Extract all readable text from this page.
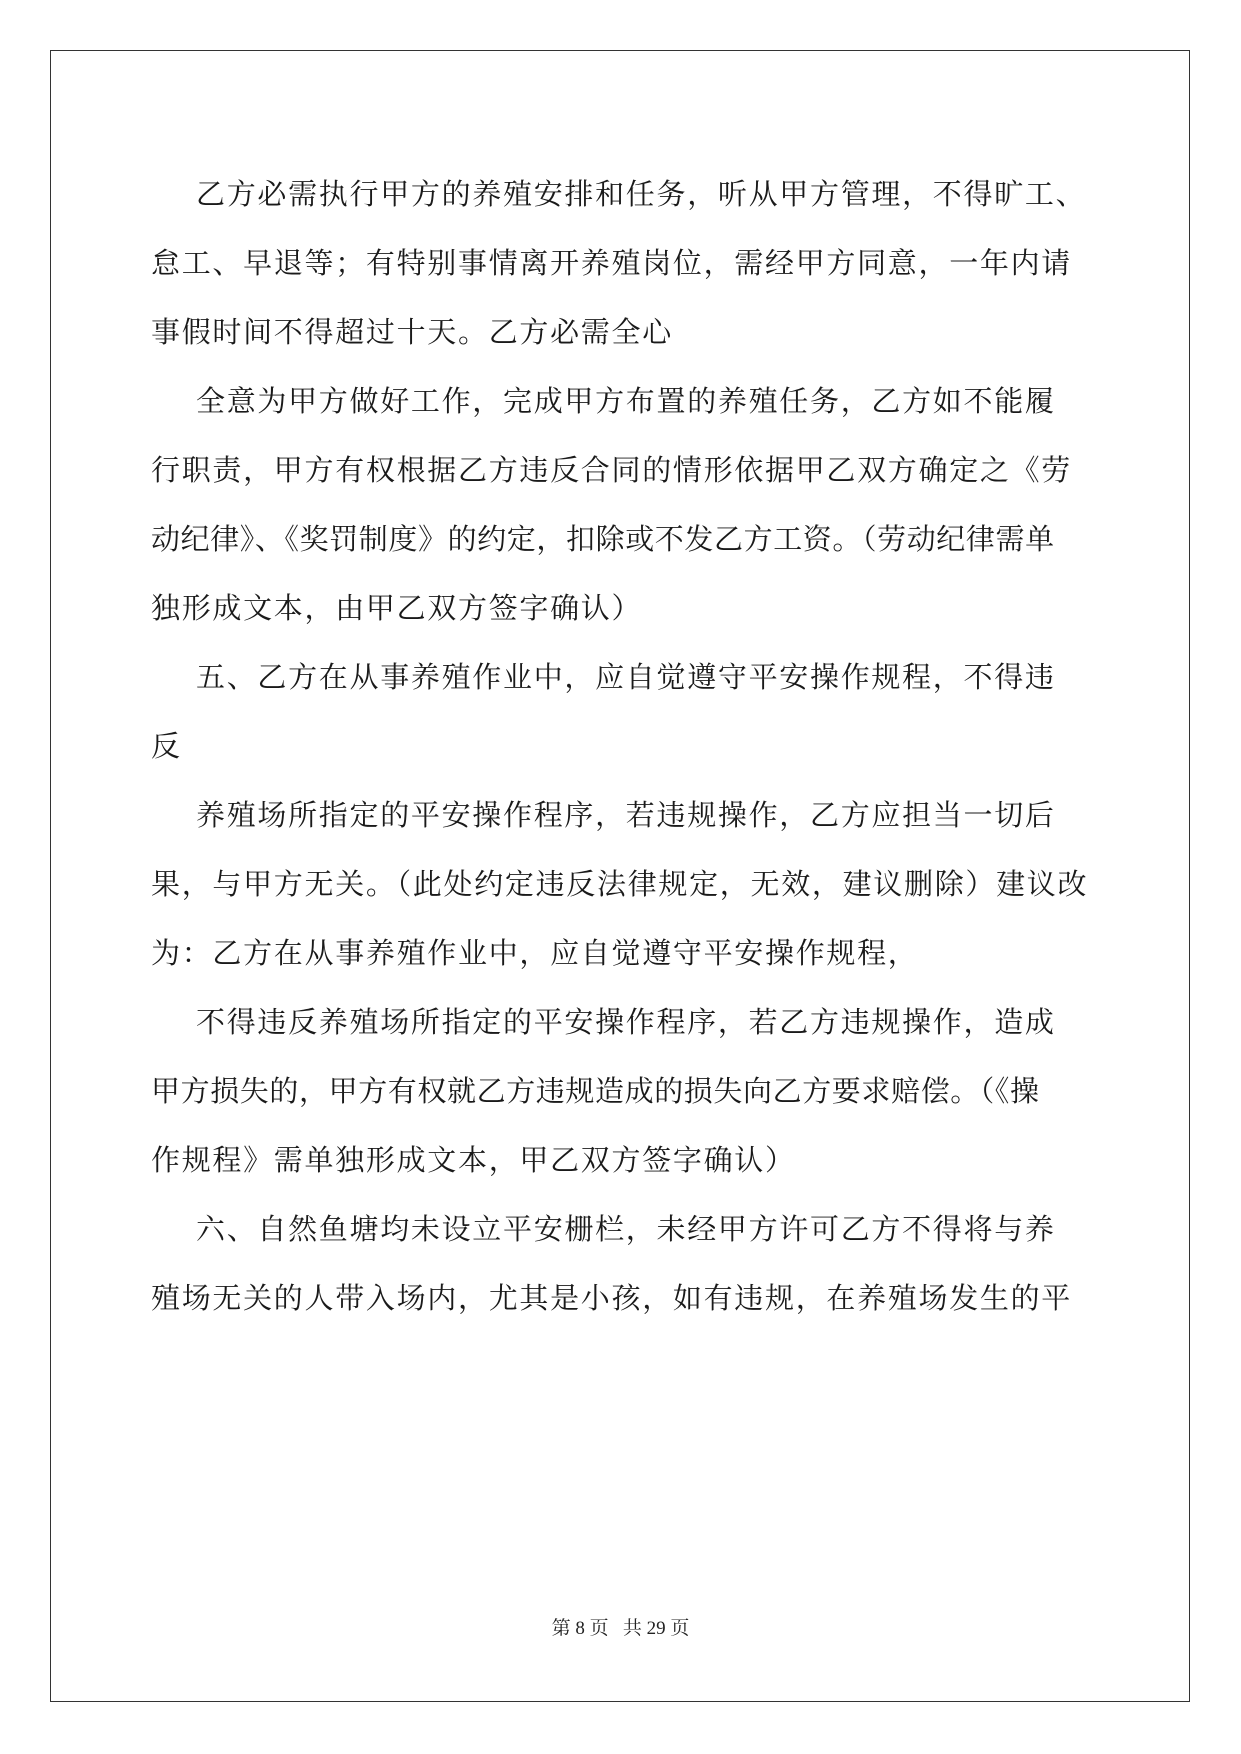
乙方必需执行甲方的养殖安排和任务，听从甲方管理，不得旷工、
怠工、早退等；有特别事情离开养殖岗位，需经甲方同意，一年内请
事假时间不得超过十天。乙方必需全心
全意为甲方做好工作，完成甲方布置的养殖任务，乙方如不能履
行职责，甲方有权根据乙方违反合同的情形依据甲乙双方确定之《劳
动纪律》、《奖罚制度》的约定，扣除或不发乙方工资。（劳动纪律需单
独形成文本，由甲乙双方签字确认）
五、乙方在从事养殖作业中，应自觉遵守平安操作规程，不得违
反
养殖场所指定的平安操作程序，若违规操作，乙方应担当一切后
果，与甲方无关。（此处约定违反法律规定，无效，建议删除）建议改
为：乙方在从事养殖作业中，应自觉遵守平安操作规程，
不得违反养殖场所指定的平安操作程序，若乙方违规操作，造成
甲方损失的，甲方有权就乙方违规造成的损失向乙方要求赔偿。（《操
作规程》需单独形成文本，甲乙双方签字确认）
六、自然鱼塘均未设立平安栅栏，未经甲方许可乙方不得将与养
殖场无关的人带入场内，尤其是小孩，如有违规，在养殖场发生的平
第 8 页 共 29 页
